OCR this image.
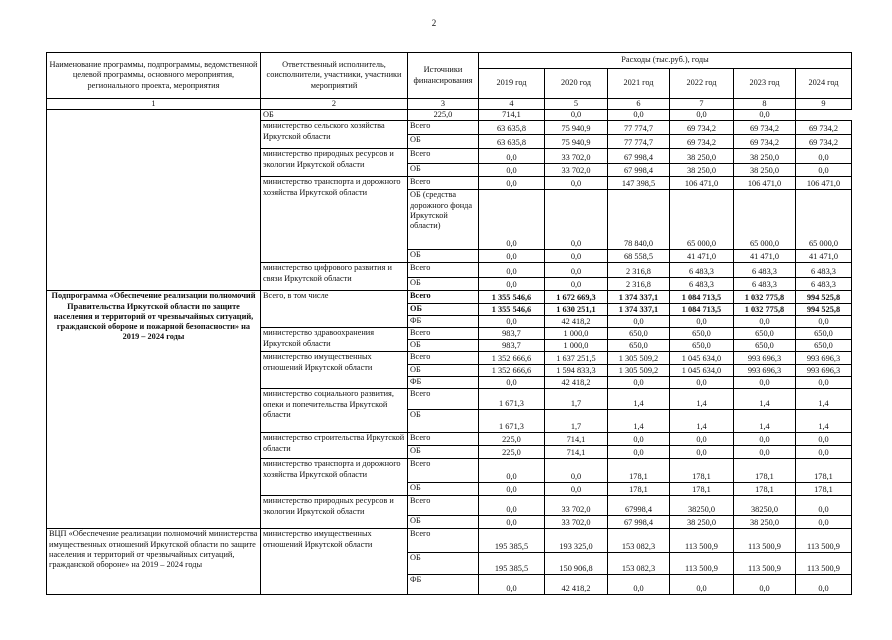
2
Наименование программы, подпрограммы, ведомственной целевой программы, основного мероприятия, регионального проекта, мероприятия	Ответственный исполнитель, соисполнители, участники, участники мероприятий	Источники финансирования	Расходы (тыс.руб.), годы					
			2019 год	2020 год	2021 год	2022 год	2023 год	2024 год
1	2	3	4	5	6	7	8	9
	ОБ	225,0	714,1	0,0	0,0	0,0	0,0	
	министерство сельского хозяйства Иркутской области	Всего	63 635,8	75 940,9	77 774,7	69 734,2	69 734,2	69 734,2
		ОБ	63 635,8	75 940,9	77 774,7	69 734,2	69 734,2	69 734,2
	министерство природных ресурсов и экологии Иркутской области	Всего	0,0	33 702,0	67 998,4	38 250,0	38 250,0	0,0
		ОБ	0,0	33 702,0	67 998,4	38 250,0	38 250,0	0,0
	министерство транспорта и дорожного хозяйства Иркутской области	Всего	0,0	0,0	147 398,5	106 471,0	106 471,0	106 471,0
		ОБ (средства дорожного фонда Иркутской области)	0,0	0,0	78 840,0	65 000,0	65 000,0	65 000,0
		ОБ	0,0	0,0	68 558,5	41 471,0	41 471,0	41 471,0
	министерство цифрового развития и связи Иркутской области	Всего	0,0	0,0	2 316,8	6 483,3	6 483,3	6 483,3
		ОБ	0,0	0,0	2 316,8	6 483,3	6 483,3	6 483,3
Подпрограмма «Обеспечение реализации полномочий Правительства Иркутской области по защите населения и территорий от чрезвычайных ситуаций, гражданской обороне и пожарной безопасности» на 2019 – 2024 годы	Всего, в том числе	Всего	1 355 546,6	1 672 669,3	1 374 337,1	1 084 713,5	1 032 775,8	994 525,8
		ОБ	1 355 546,6	1 630 251,1	1 374 337,1	1 084 713,5	1 032 775,8	994 525,8
		ФБ	0,0	42 418,2	0,0	0,0	0,0	0,0
	министерство здравоохранения Иркутской области	Всего	983,7	1 000,0	650,0	650,0	650,0	650,0
		ОБ	983,7	1 000,0	650,0	650,0	650,0	650,0
	министерство имущественных отношений Иркутской области	Всего	1 352 666,6	1 637 251,5	1 305 509,2	1 045 634,0	993 696,3	993 696,3
		ОБ	1 352 666,6	1 594 833,3	1 305 509,2	1 045 634,0	993 696,3	993 696,3
		ФБ	0,0	42 418,2	0,0	0,0	0,0	0,0
	министерство социального развития, опеки и попечительства Иркутской области	Всего	1 671,3	1,7	1,4	1,4	1,4	1,4
		ОБ	1 671,3	1,7	1,4	1,4	1,4	1,4
	министерство строительства Иркутской области	Всего	225,0	714,1	0,0	0,0	0,0	0,0
		ОБ	225,0	714,1	0,0	0,0	0,0	0,0
	министерство транспорта и дорожного хозяйства Иркутской области	Всего	0,0	0,0	178,1	178,1	178,1	178,1
		ОБ	0,0	0,0	178,1	178,1	178,1	178,1
	министерство природных ресурсов и экологии Иркутской области	Всего	0,0	33 702,0	67998,4	38250,0	38250,0	0,0
		ОБ	0,0	33 702,0	67 998,4	38 250,0	38 250,0	0,0
ВЦП «Обеспечение реализации полномочий министерства имущественных отношений Иркутской области по защите населения и территорий от чрезвычайных ситуаций, гражданской обороне» на 2019 – 2024 годы	министерство имущественных отношений Иркутской области	Всего	195 385,5	193 325,0	153 082,3	113 500,9	113 500,9	113 500,9
		ОБ	195 385,5	150 906,8	153 082,3	113 500,9	113 500,9	113 500,9
		ФБ	0,0	42 418,2	0,0	0,0	0,0	0,0
